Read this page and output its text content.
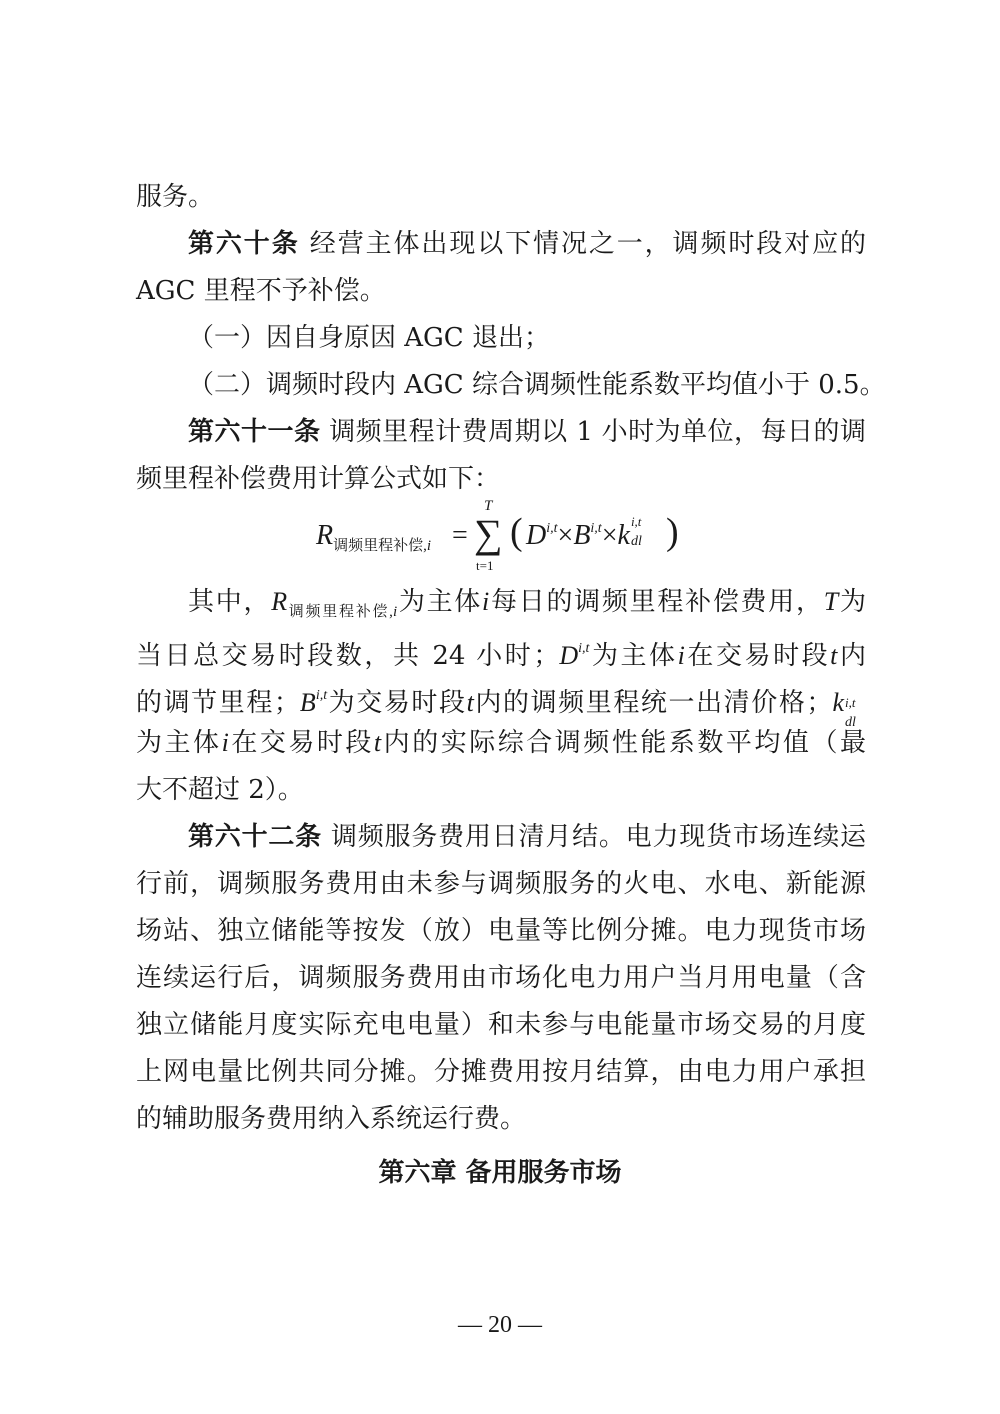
服务。
第六十条 经营主体出现以下情况之一，调频时段对应的
AGC 里程不予补偿。
（一）因自身原因 AGC 退出；
（二）调频时段内 AGC 综合调频性能系数平均值小于 0.5。
第六十一条 调频里程计费周期以 1 小时为单位，每日的调
频里程补偿费用计算公式如下：
$R_{调频里程补偿,i}$ =
T
∑
t=1
( $D^{i,t}\times B^{i,t}\times k$ i,t
dl )
其中，$R_{调频里程补偿,i}$为主体i每日的调频里程补偿费用，T为
当日总交易时段数，共 24 小时；D$^{i,t}$为主体i在交易时段t内
的调节里程；B$^{i,t}$为交易时段t内的调频里程统一出清价格；k i,t
dl
为主体i在交易时段t内的实际综合调频性能系数平均值（最
大不超过 2）。
第六十二条 调频服务费用日清月结。电力现货市场连续运
行前，调频服务费用由未参与调频服务的火电、水电、新能源
场站、独立储能等按发（放）电量等比例分摊。电力现货市场
连续运行后，调频服务费用由市场化电力用户当月用电量（含
独立储能月度实际充电电量）和未参与电能量市场交易的月度
上网电量比例共同分摊。分摊费用按月结算，由电力用户承担
的辅助服务费用纳入系统运行费。
第六章 备用服务市场
— 20 —
